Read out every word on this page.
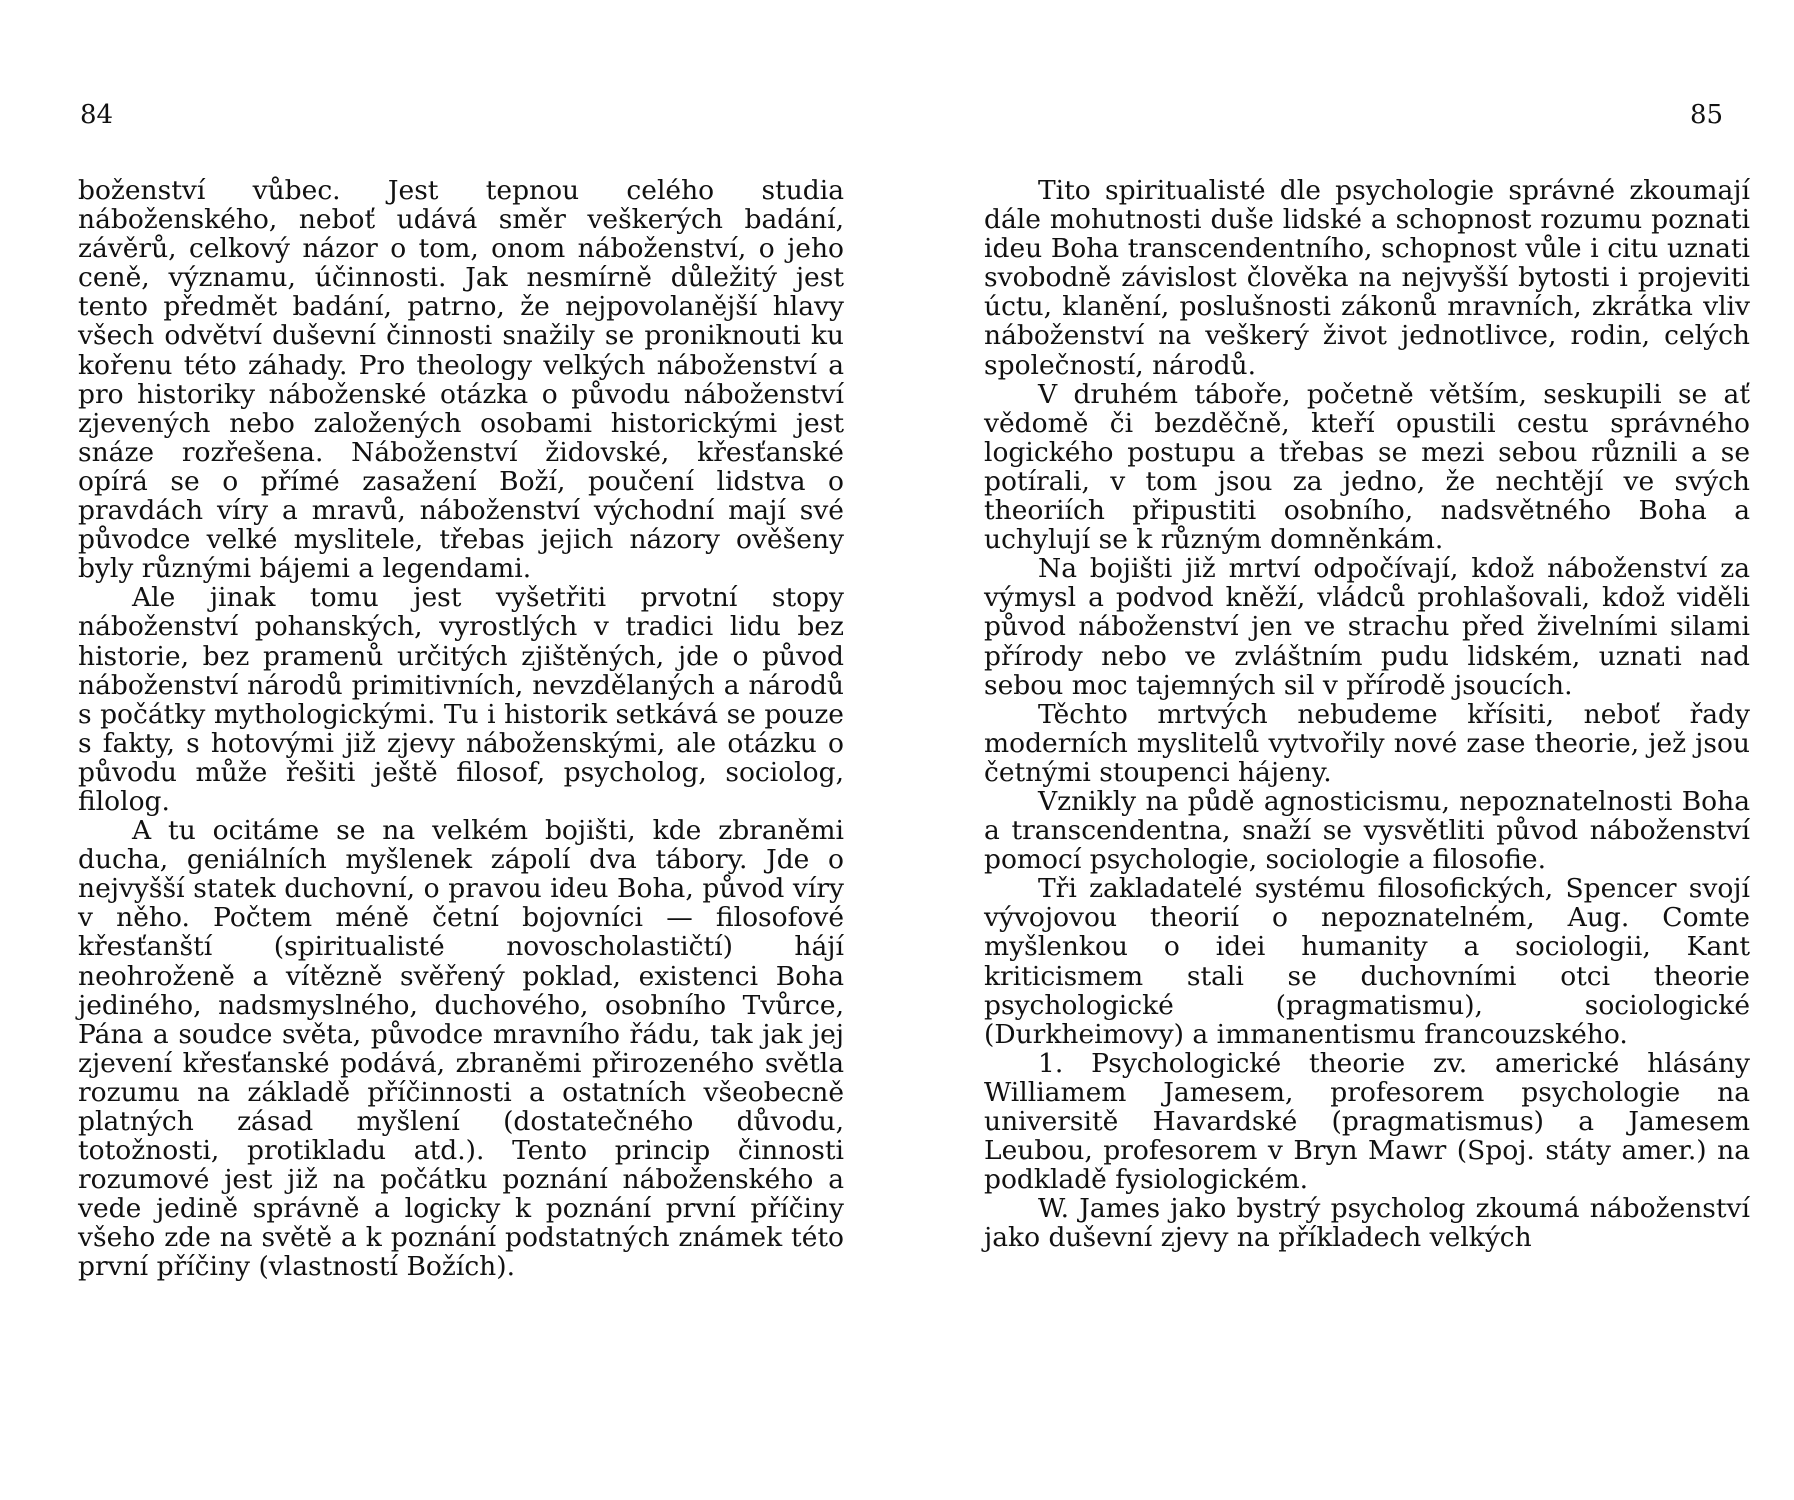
84	85

boženství vůbec. Jest tepnou celého studia náboženského, neboť udává směr veškerých badání, závěrů, celkový názor o tom, onom náboženství, o jeho ceně, významu, účinnosti. Jak nesmírně důležitý jest tento předmět badání, patrno, že nejpovolanější hlavy všech odvětví duševní činnosti snažily se proniknouti ku kořenu této záhady. Pro theology velkých náboženství a pro historiky náboženské otázka o původu náboženství zjevených nebo založených osobami historickými jest snáze rozřešena. Náboženství židovské, křesťanské opírá se o přímé zasažení Boží, poučení lidstva o pravdách víry a mravů, náboženství východní mají své původce velké myslitele, třebas jejich názory ověšeny byly různými bájemi a legendami.

Ale jinak tomu jest vyšetřiti prvotní stopy náboženství pohanských, vyrostlých v tradici lidu bez historie, bez pramenů určitých zjištěných, jde o původ náboženství národů primitivních, nevzdělaných a národů s počátky mythologickými. Tu i historik setkává se pouze s fakty, s hotovými již zjevy náboženskými, ale otázku o původu může řešiti ještě filosof, psycholog, sociolog, filolog.

A tu ocitáme se na velkém bojišti, kde zbraněmi ducha, geniálních myšlenek zápolí dva tábory. Jde o nejvyšší statek duchovní, o pravou ideu Boha, původ víry v něho. Počtem méně četní bojovníci — filosofové křesťanští (spiritualisté novoscholastičtí) hájí neohroženě a vítězně svěřený poklad, existenci Boha jediného, nadsmyslného, duchového, osobního Tvůrce, Pána a soudce světa, původce mravního řádu, tak jak jej zjevení křesťanské podává, zbraněmi přirozeného světla rozumu na základě příčinnosti a ostatních všeobecně platných zásad myšlení (dostatečného důvodu, totožnosti, protikladu atd.). Tento princip činnosti rozumové jest již na počátku poznání náboženského a vede jedině správně a logicky k poznání první příčiny všeho zde na světě a k poznání podstatných známek této první příčiny (vlastností Božích).

Tito spiritualisté dle psychologie správné zkoumají dále mohutnosti duše lidské a schopnost rozumu poznati ideu Boha transcendentního, schopnost vůle i citu uznati svobodně závislost člověka na nejvyšší bytosti i projeviti úctu, klanění, poslušnosti zákonů mravních, zkrátka vliv náboženství na veškerý život jednotlivce, rodin, celých společností, národů.

V druhém táboře, početně větším, seskupili se ať vědomě či bezděčně, kteří opustili cestu správného logického postupu a třebas se mezi sebou různili a se potírali, v tom jsou za jedno, že nechtějí ve svých theoriích připustiti osobního, nadsvětného Boha a uchylují se k různým domněnkám.

Na bojišti již mrtví odpočívají, kdož náboženství za výmysl a podvod kněží, vládců prohlašovali, kdož viděli původ náboženství jen ve strachu před živelními silami přírody nebo ve zvláštním pudu lidském, uznati nad sebou moc tajemných sil v přírodě jsoucích.

Těchto mrtvých nebudeme křísiti, neboť řady moderních myslitelů vytvořily nové zase theorie, jež jsou četnými stoupenci hájeny.

Vznikly na půdě agnosticismu, nepoznatelnosti Boha a transcendentna, snaží se vysvětliti původ náboženství pomocí psychologie, sociologie a filosofie.

Tři zakladatelé systému filosofických, Spencer svojí vývojovou theorií o nepoznatelném, Aug. Comte myšlenkou o idei humanity a sociologii, Kant kriticismem stali se duchovními otci theorie psychologické (pragmatismu), sociologické (Durkheimovy) a immanentismu francouzského.

1. Psychologické theorie zv. americké hlásány Williamem Jamesem, profesorem psychologie na universitě Havardské (pragmatismus) a Jamesem Leubou, profesorem v Bryn Mawr (Spoj. státy amer.) na podkladě fysiologickém.

W. James jako bystrý psycholog zkoumá náboženství jako duševní zjevy na příkladech velkých
